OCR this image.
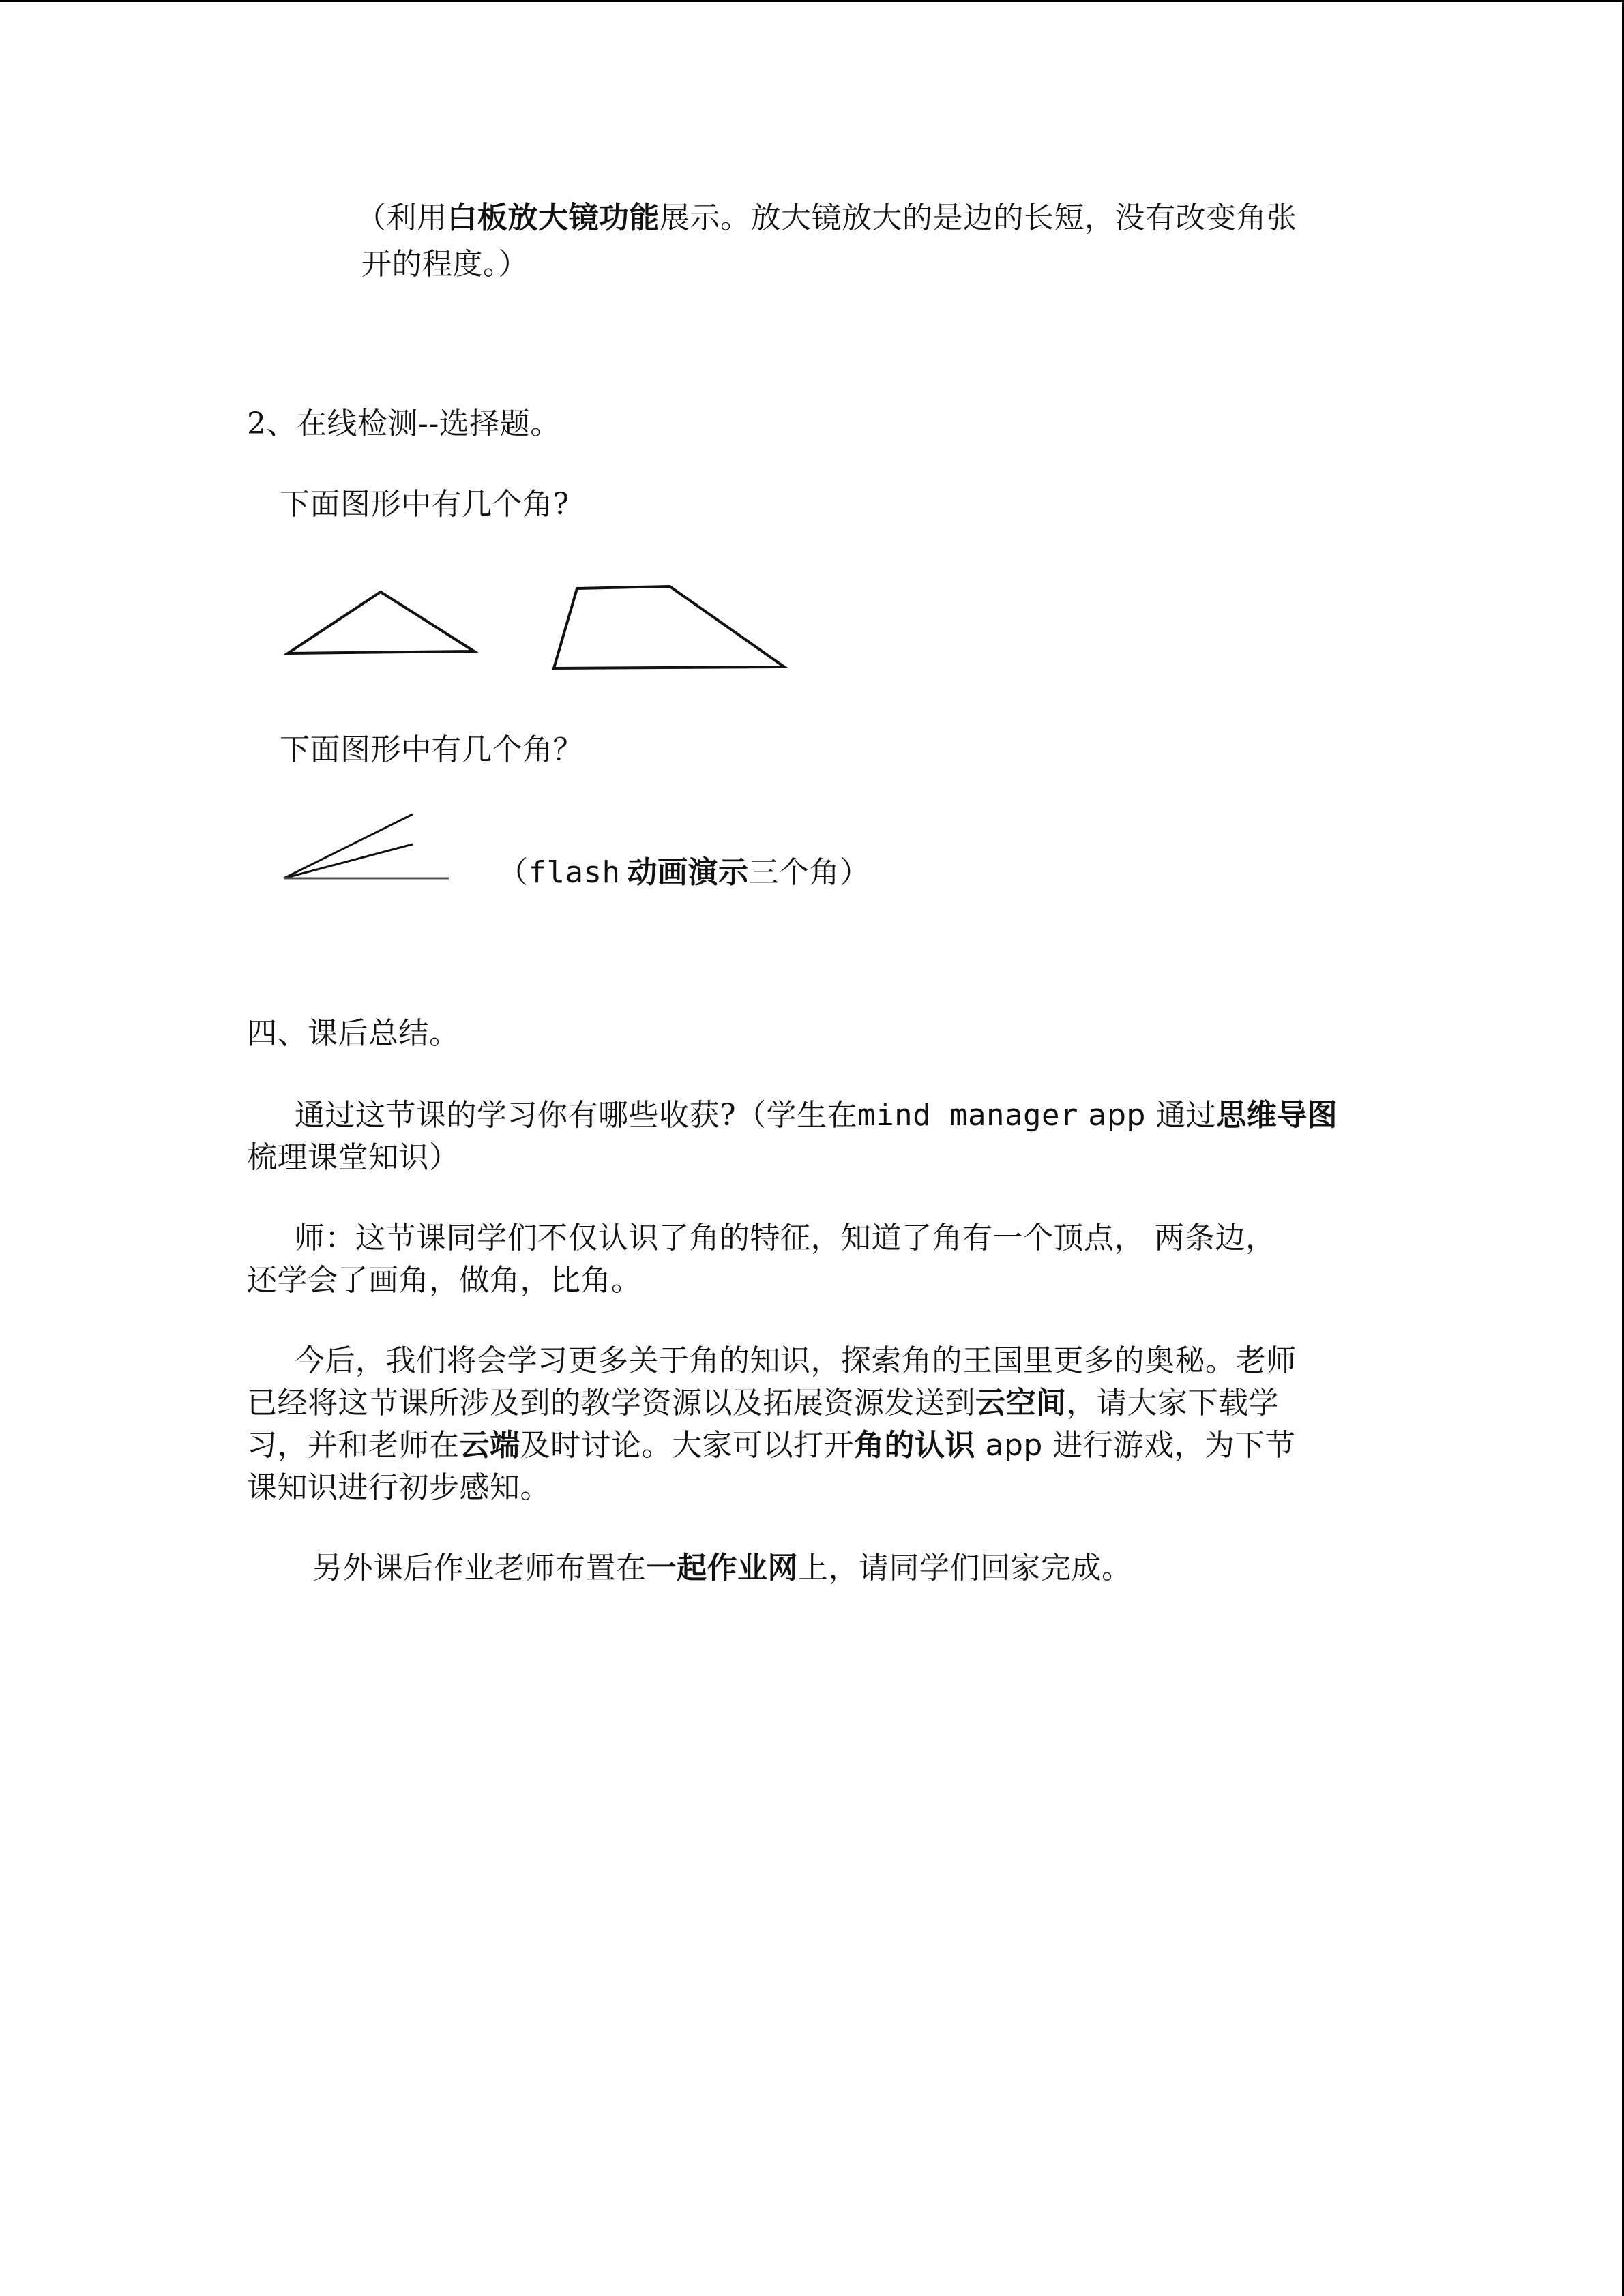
（利用白板放大镜功能展示。放大镜放大的是边的长短，没有改变角张
开的程度。）
2、在线检测--选择题。
下面图形中有几个角?
下面图形中有几个角？
（flash 动画演示三个角）
四、课后总结。
通过这节课的学习你有哪些收获?（学生在mind manager app 通过思维导图
梳理课堂知识）
师：这节课同学们不仅认识了角的特征，知道了角有一个顶点， 两条边，
还学会了画角，做角，比角。
今后，我们将会学习更多关于角的知识，探索角的王国里更多的奥秘。老师
已经将这节课所涉及到的教学资源以及拓展资源发送到云空间，请大家下载学
习，并和老师在云端及时讨论。大家可以打开角的认识 app 进行游戏，为下节
课知识进行初步感知。
另外课后作业老师布置在一起作业网上，请同学们回家完成。
